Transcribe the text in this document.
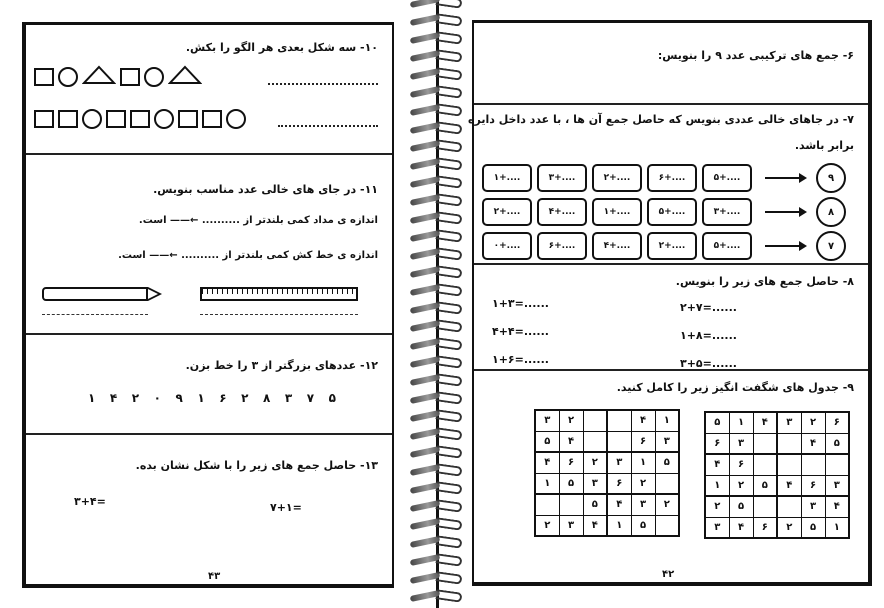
۱۰- سه شکل بعدی هر الگو را بکش.
۱۱- در جای های خالی عدد مناسب بنویس.
اندازه ی مداد کمی بلندتر از .......... ←—— است.
اندازه ی خط کش کمی بلندتر از .......... ←—— است.
۱۲- عددهای بزرگتر از ۳ را خط بزن.
۱ ۴ ۲ ۰ ۹ ۱ ۶ ۲ ۸ ۳ ۷ ۵
۱۳- حاصل جمع های زیر را با شکل نشان بده.
۳+۴=	۷+۱=
۴۳
۶- جمع های ترکیبی عدد ۹ را بنویس:
۷- در جاهای خالی عددی بنویس که حاصل جمع آن ها ، با عدد داخل دایره
برابر باشد.
۱+....	۳+....	۲+....	۶+....	۵+....	۹
۲+....	۴+....	۱+....	۵+....	۳+....	۸
۰+....	۶+....	۴+....	۲+....	۵+....	۷
۸- حاصل جمع های زیر را بنویس.
۱+۳=......
۴+۴=......
۱+۶=......
۲+۷=......
۱+۸=......
۳+۵=......
۹- جدول های شگفت انگیز زیر را کامل کنید.
۳	۲			۴	۱
۵	۴			۶	۳
۴	۶	۲	۳	۱	۵
۱	۵	۳	۶	۲	
		۵	۴	۳	۲
۲	۳	۴	۱	۵	
۵	۱	۴	۳	۲	۶
۶	۳			۴	۵
۴	۶				
۱	۲	۵	۴	۶	۳
۲	۵			۳	۴
۳	۴	۶	۲	۵	۱
۴۲
